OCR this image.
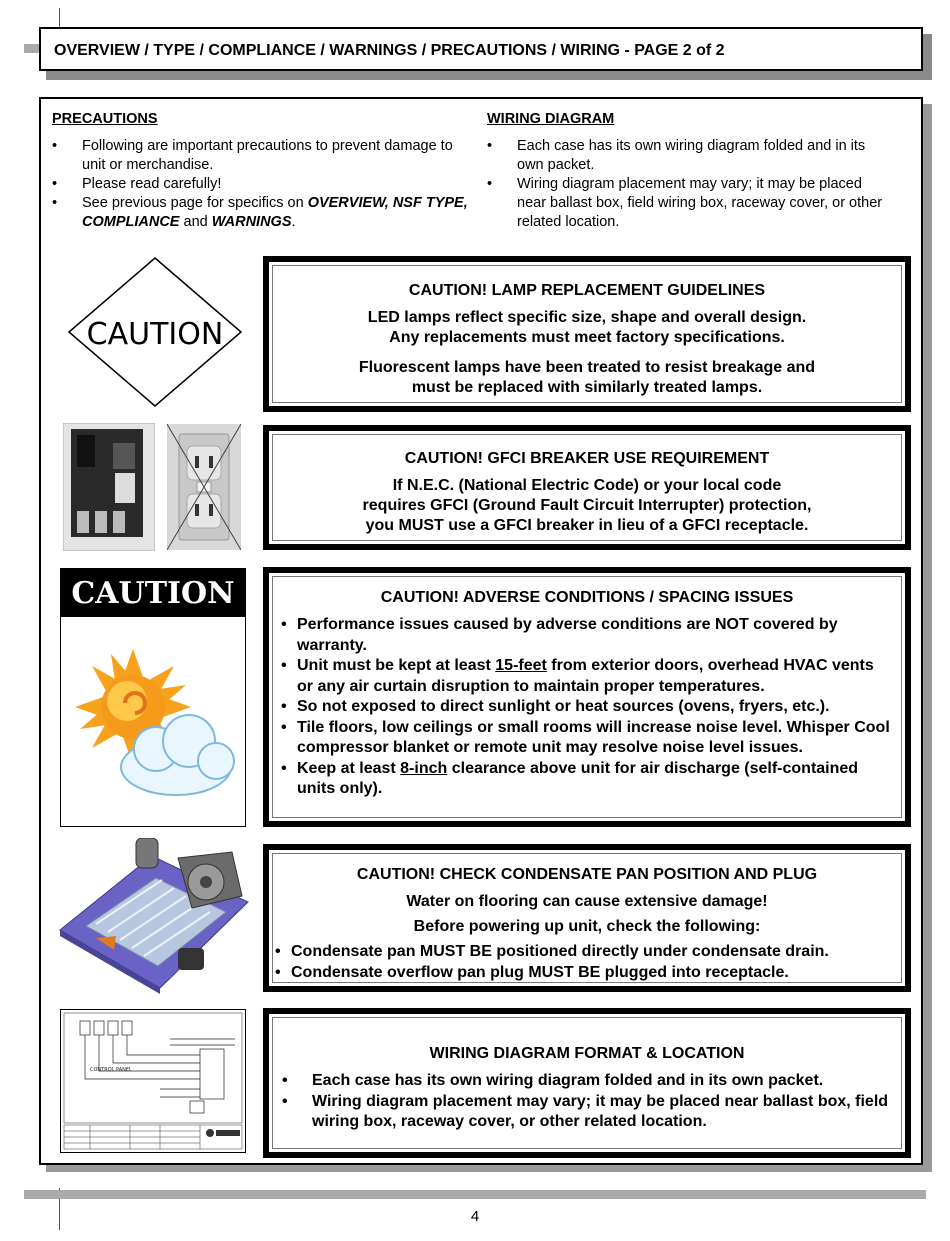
OVERVIEW / TYPE / COMPLIANCE / WARNINGS / PRECAUTIONS / WIRING - PAGE 2 of 2
PRECAUTIONS
• Following are important precautions to prevent damage to unit or merchandise.
• Please read carefully!
• See previous page for specifics on OVERVIEW, NSF TYPE, COMPLIANCE and WARNINGS.
WIRING DIAGRAM
• Each case has its own wiring diagram folded and in its own packet.
• Wiring diagram placement may vary; it may be placed near ballast box, field wiring box, raceway cover, or other related location.
CAUTION
CAUTION! LAMP REPLACEMENT GUIDELINES
LED lamps reflect specific size, shape and overall design.
Any replacements must meet factory specifications.
Fluorescent lamps have been treated to resist breakage and
must be replaced with similarly treated lamps.
CAUTION! GFCI BREAKER USE REQUIREMENT
If N.E.C. (National Electric Code) or your local code
requires GFCI (Ground Fault Circuit Interrupter) protection,
you MUST use a GFCI breaker in lieu of a GFCI receptacle.
CAUTION	CAUTION! ADVERSE CONDITIONS / SPACING ISSUES
• Performance issues caused by adverse conditions are NOT covered by warranty.
• Unit must be kept at least 15-feet from exterior doors, overhead HVAC vents or any air curtain disruption to maintain proper temperatures.
• So not exposed to direct sunlight or heat sources (ovens, fryers, etc.).
• Tile floors, low ceilings or small rooms will increase noise level. Whisper Cool compressor blanket or remote unit may resolve noise level issues.
• Keep at least 8-inch clearance above unit for air discharge (self-contained units only).
CAUTION! CHECK CONDENSATE PAN POSITION AND PLUG
Water on flooring can cause extensive damage!
Before powering up unit, check the following:
• Condensate pan MUST BE positioned directly under condensate drain.
• Condensate overflow pan plug MUST BE plugged into receptacle.
CONTROL PANEL
WIRING DIAGRAM FORMAT & LOCATION
• Each case has its own wiring diagram folded and in its own packet.
• Wiring diagram placement may vary; it may be placed near ballast box, field wiring box, raceway cover, or other related location.
4
